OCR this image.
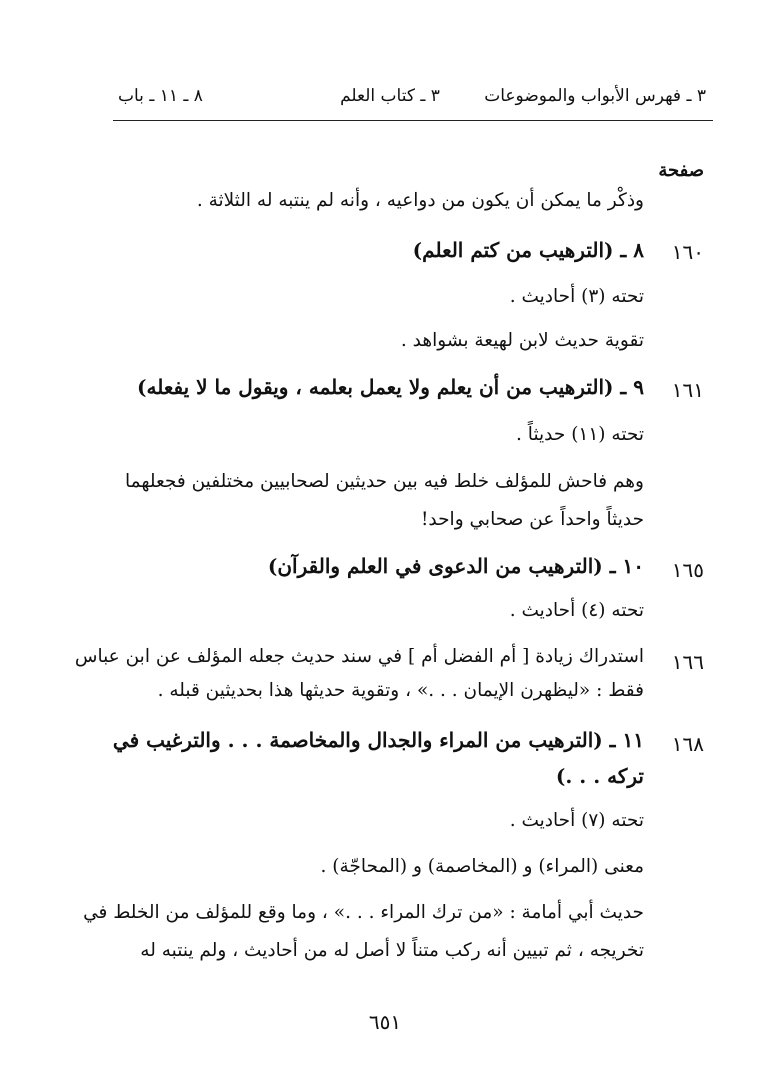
٣ ـ فهرس الأبواب والموضوعات
٣ ـ كتاب العلم
٨ ـ ١١ ـ باب
صفحة
وذكْر ما يمكن أن يكون من دواعيه ، وأنه لم ينتبه له الثلاثة .
١٦٠
٨ ـ (الترهيب من كتم العلم)
تحته (٣) أحاديث .
تقوية حديث لابن لهيعة بشواهد .
١٦١
٩ ـ (الترهيب من أن يعلم ولا يعمل بعلمه ، ويقول ما لا يفعله)
تحته (١١) حديثاً .
وهم فاحش للمؤلف خلط فيه بين حديثين لصحابيين مختلفين فجعلهما
حديثاً واحداً عن صحابي واحد!
١٦٥
١٠ ـ (الترهيب من الدعوى في العلم والقرآن)
تحته (٤) أحاديث .
١٦٦
استدراك زيادة [ أم الفضل أم ] في سند حديث جعله المؤلف عن ابن عباس
فقط : «ليظهرن الإيمان . . .» ، وتقوية حديثها هذا بحديثين قبله .
١٦٨
١١ ـ (الترهيب من المراء والجدال والمخاصمة . . . والترغيب في
تركه . . .)
تحته (٧) أحاديث .
معنى (المراء) و (المخاصمة) و (المحاجّة) .
حديث أبي أمامة : «من ترك المراء . . .» ، وما وقع للمؤلف من الخلط في
تخريجه ، ثم تبيين أنه ركب متناً لا أصل له من أحاديث ، ولم ينتبه له
٦٥١
